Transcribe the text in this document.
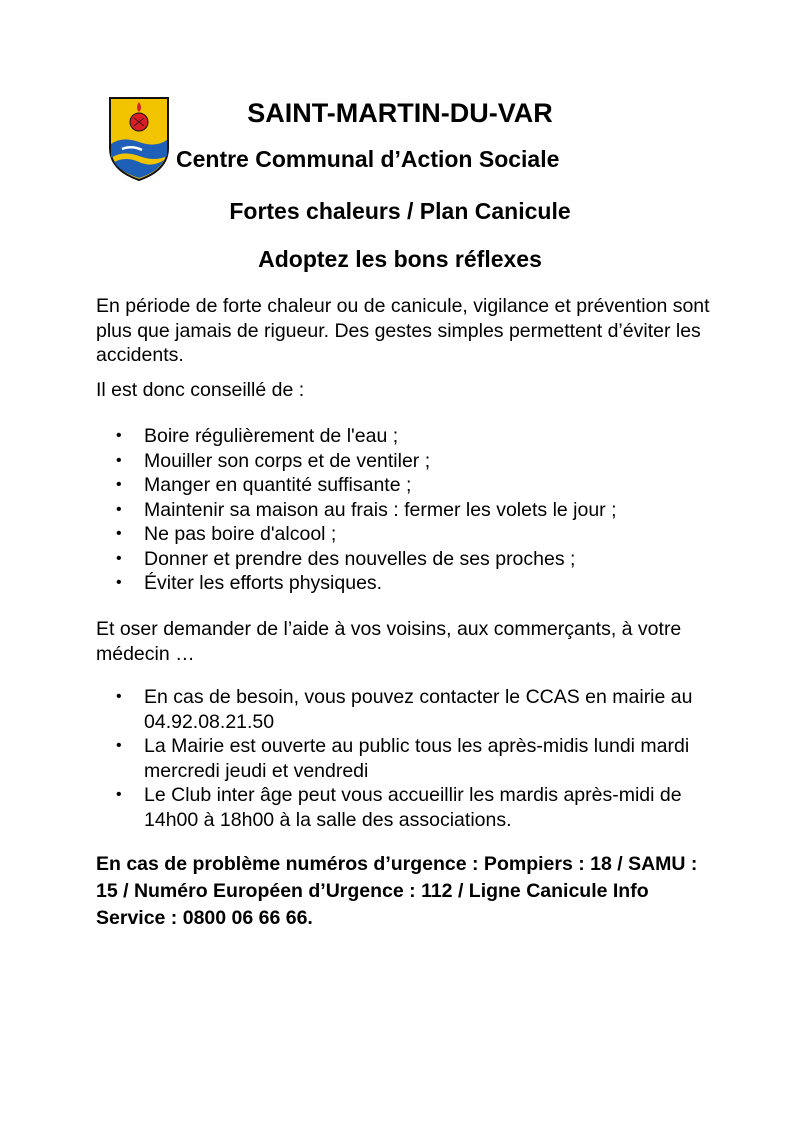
SAINT-MARTIN-DU-VAR
Centre Communal d’Action Sociale
Fortes chaleurs / Plan Canicule
Adoptez les bons réflexes

En période de forte chaleur ou de canicule, vigilance et prévention sont plus que jamais de rigueur. Des gestes simples permettent d’éviter les accidents.

Il est donc conseillé de :

• Boire régulièrement de l'eau ;
• Mouiller son corps et de ventiler ;
• Manger en quantité suffisante ;
• Maintenir sa maison au frais : fermer les volets le jour ;
• Ne pas boire d'alcool ;
• Donner et prendre des nouvelles de ses proches ;
• Éviter les efforts physiques.

Et oser demander de l’aide à vos voisins, aux commerçants, à votre médecin …

• En cas de besoin, vous pouvez contacter le CCAS en mairie au 04.92.08.21.50
• La Mairie est ouverte au public tous les après-midis lundi mardi mercredi jeudi et vendredi
• Le Club inter âge peut vous accueillir les mardis après-midi de 14h00 à 18h00 à la salle des associations.

En cas de problème numéros d’urgence : Pompiers : 18 / SAMU : 15 / Numéro Européen d’Urgence : 112 / Ligne Canicule Info Service : 0800 06 66 66.
